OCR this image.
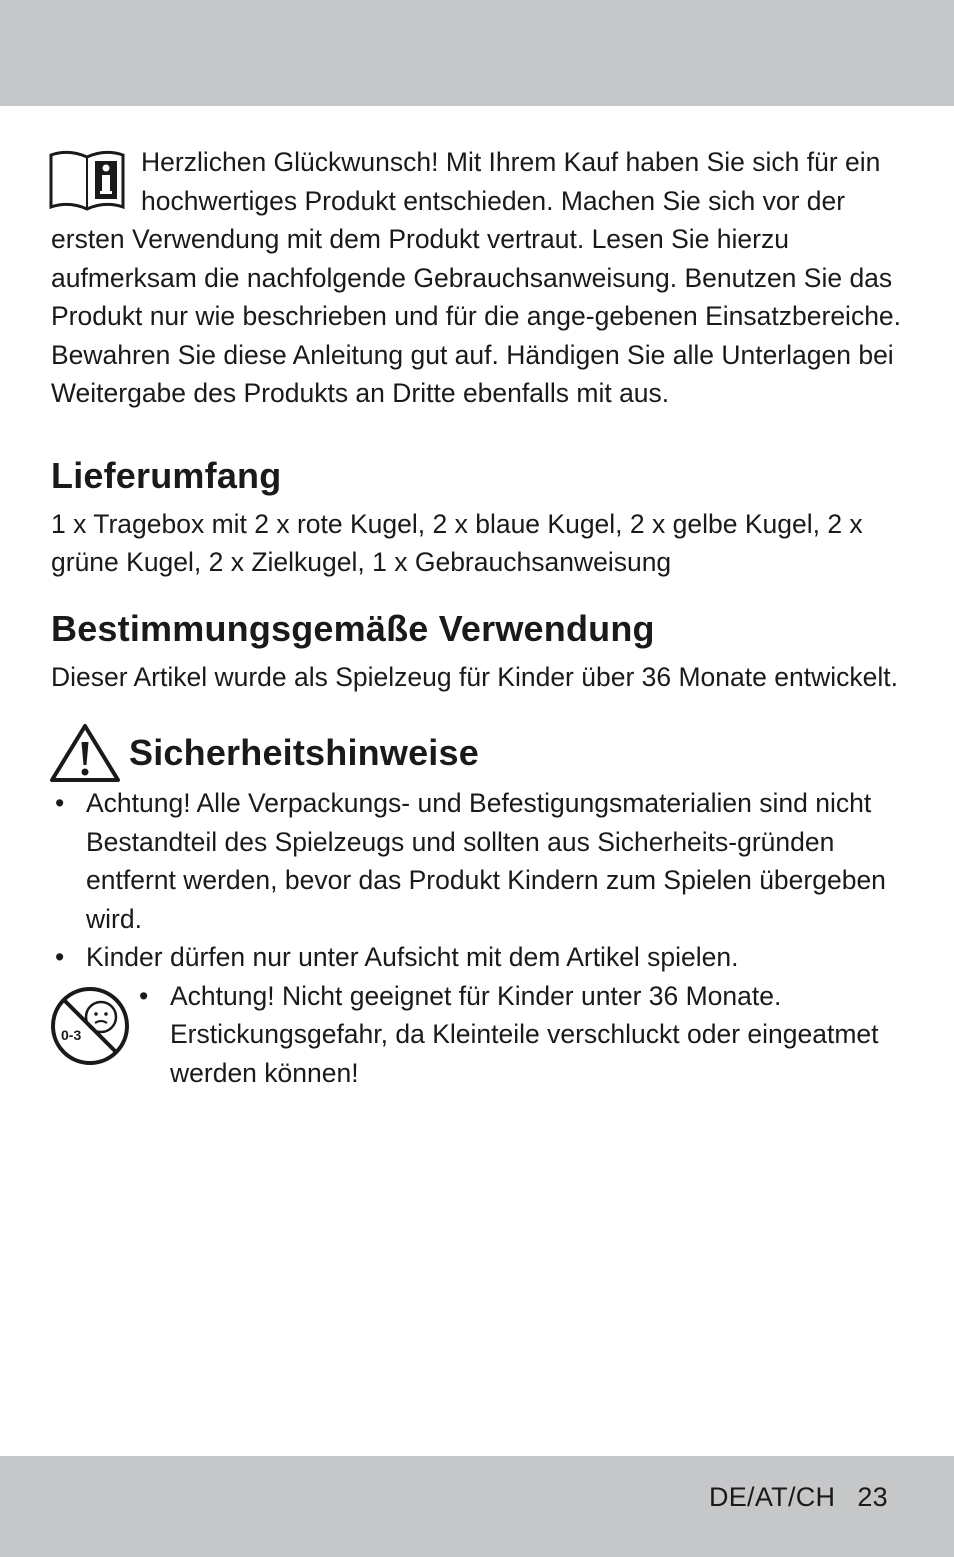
Herzlichen Glückwunsch! Mit Ihrem Kauf haben Sie sich für ein hochwertiges Produkt entschieden. Machen Sie sich vor der ersten Verwendung mit dem Produkt vertraut. Lesen Sie hierzu aufmerksam die nachfolgende Gebrauchsanweisung. Benutzen Sie das Produkt nur wie beschrieben und für die ange-gebenen Einsatzbereiche. Bewahren Sie diese Anleitung gut auf. Händigen Sie alle Unterlagen bei Weitergabe des Produkts an Dritte ebenfalls mit aus.

Lieferumfang

1 x Tragebox mit 2 x rote Kugel, 2 x blaue Kugel, 2 x gelbe Kugel, 2 x grüne Kugel, 2 x Zielkugel, 1 x Gebrauchsanweisung

Bestimmungsgemäße Verwendung

Dieser Artikel wurde als Spielzeug für Kinder über 36 Monate entwickelt.

Sicherheitshinweise
• Achtung! Alle Verpackungs- und Befestigungsmaterialien sind nicht Bestandteil des Spielzeugs und sollten aus Sicherheits-gründen entfernt werden, bevor das Produkt Kindern zum Spielen übergeben wird.
• Kinder dürfen nur unter Aufsicht mit dem Artikel spielen.
0-3
• Achtung! Nicht geeignet für Kinder unter 36 Monate. Erstickungsgefahr, da Kleinteile verschluckt oder eingeatmet werden können!
DE/AT/CH 23
